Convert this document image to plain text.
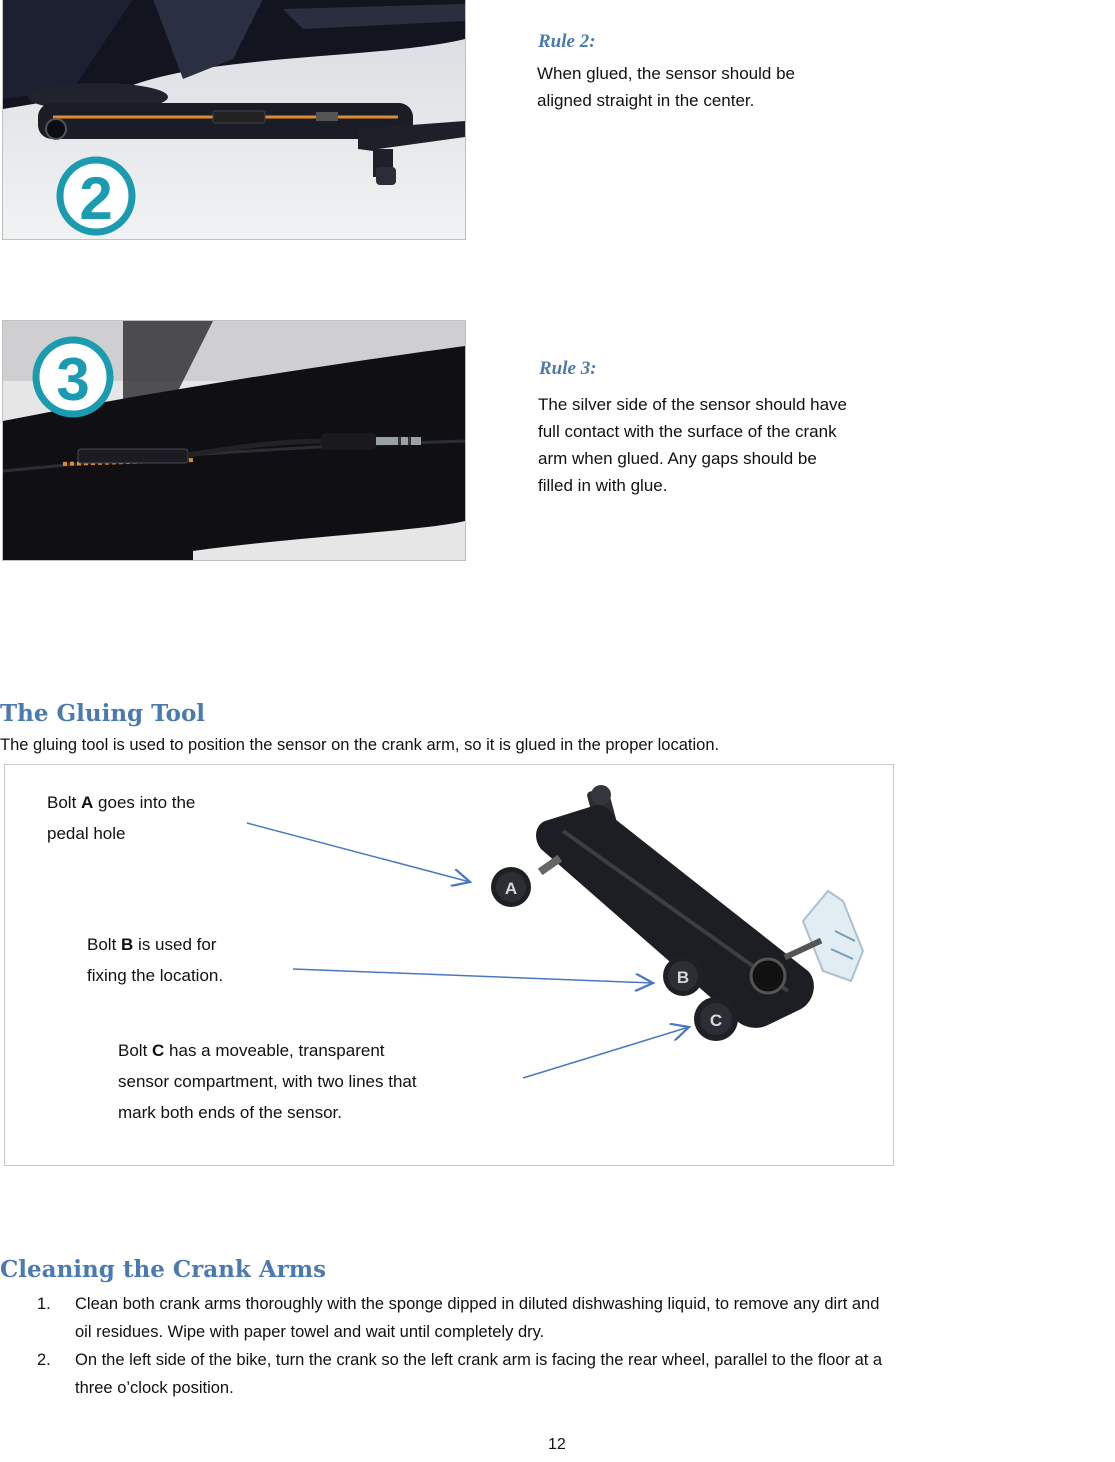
2
Rule 2:
When glued, the sensor should be
aligned straight in the center.
3	Rule 3:
The silver side of the sensor should have
full contact with the surface of the crank
arm when glued. Any gaps should be
filled in with glue.
The Gluing Tool
The gluing tool is used to position the sensor on the crank arm, so it is glued in the proper location.
A
B
C
Bolt A goes into the
pedal hole
Bolt B is used for
fixing the location.
Bolt C has a moveable, transparent
sensor compartment, with two lines that
mark both ends of the sensor.
Cleaning the Crank Arms
1. Clean both crank arms thoroughly with the sponge dipped in diluted dishwashing liquid, to remove any dirt and
oil residues. Wipe with paper towel and wait until completely dry.
2. On the left side of the bike, turn the crank so the left crank arm is facing the rear wheel, parallel to the floor at a
three o’clock position.
12
